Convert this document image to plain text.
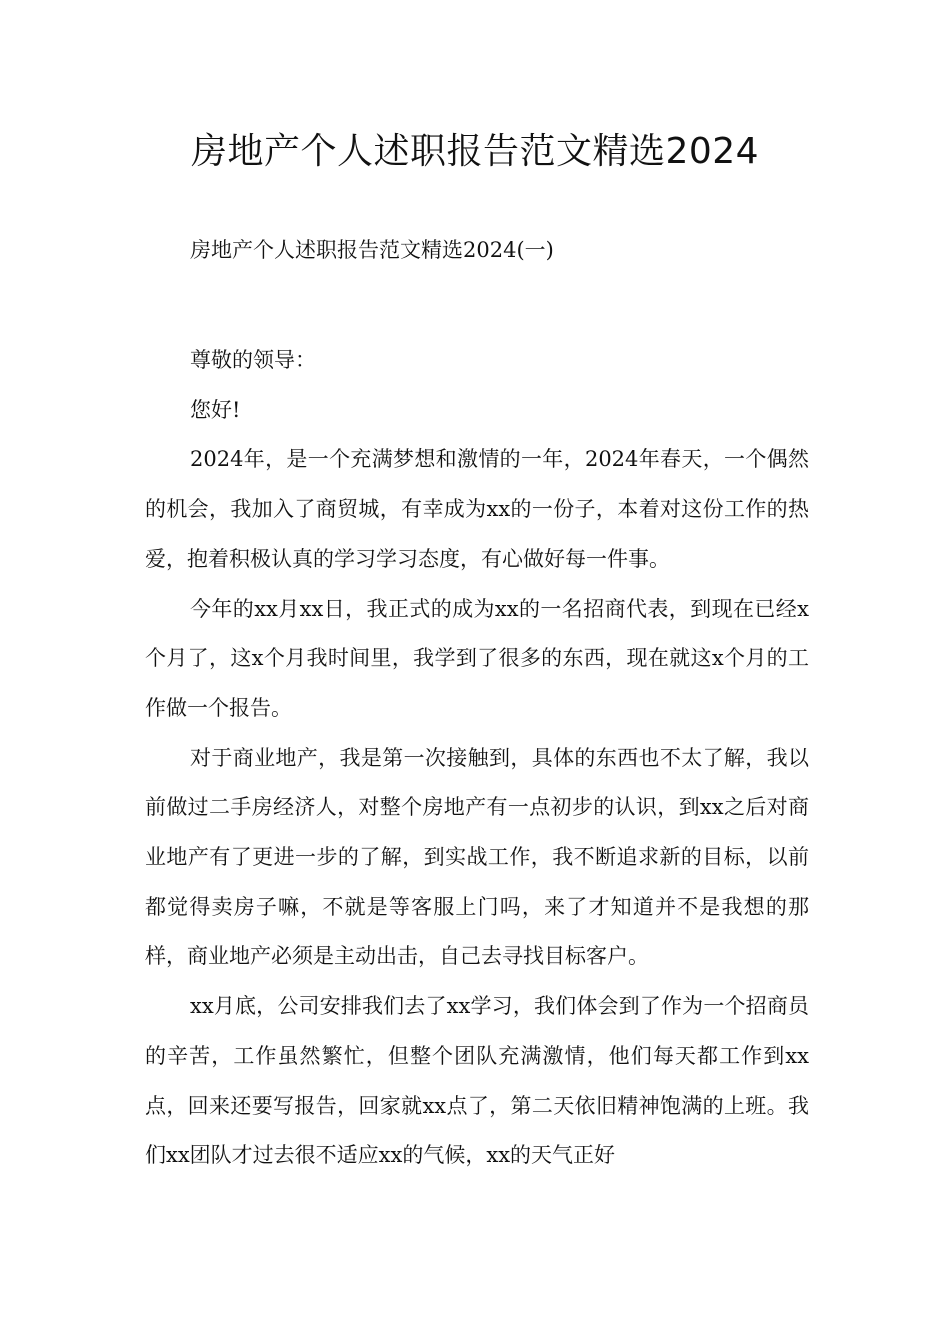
房地产个人述职报告范文精选2024

房地产个人述职报告范文精选2024(一)

尊敬的领导：

您好!

2024年，是一个充满梦想和激情的一年，2024年春天，一个偶然的机会，我加入了商贸城，有幸成为xx的一份子，本着对这份工作的热爱，抱着积极认真的学习学习态度，有心做好每一件事。

今年的xx月xx日，我正式的成为xx的一名招商代表，到现在已经x个月了，这x个月我时间里，我学到了很多的东西，现在就这x个月的工作做一个报告。

对于商业地产，我是第一次接触到，具体的东西也不太了解，我以前做过二手房经济人，对整个房地产有一点初步的认识，到xx之后对商业地产有了更进一步的了解，到实战工作，我不断追求新的目标，以前都觉得卖房子嘛，不就是等客服上门吗，来了才知道并不是我想的那样，商业地产必须是主动出击，自己去寻找目标客户。

xx月底，公司安排我们去了xx学习，我们体会到了作为一个招商员的辛苦，工作虽然繁忙，但整个团队充满激情，他们每天都工作到xx点，回来还要写报告，回家就xx点了，第二天依旧精神饱满的上班。我们xx团队才过去很不适应xx的气候，xx的天气正好
